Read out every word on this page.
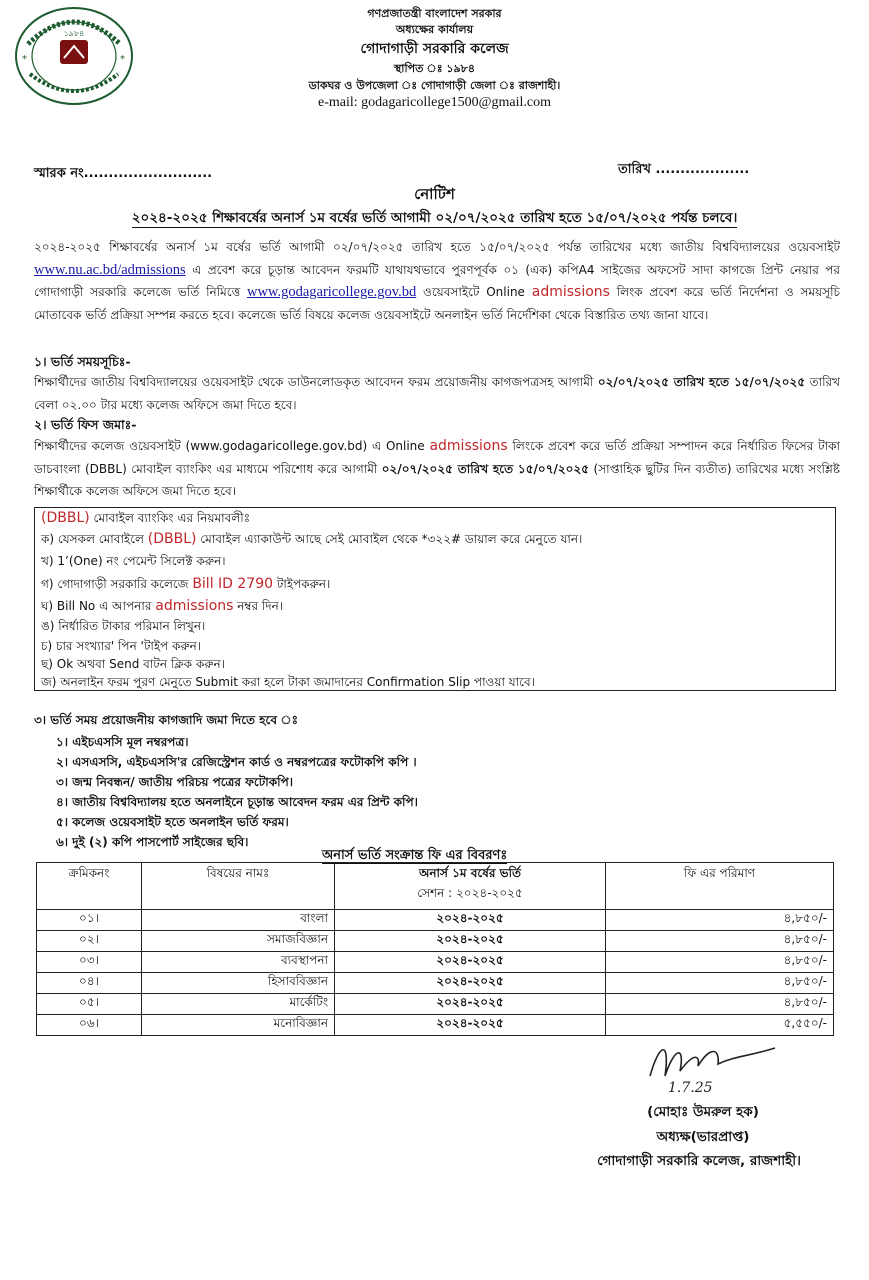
*	*
১৯৮৪
গণপ্রজাতন্ত্রী বাংলাদেশ সরকার
অধ্যক্ষের কার্যালয়
গোদাগাড়ী সরকারি কলেজ
স্থাপিত ঃ ১৯৮৪
ডাকঘর ও উপজেলা ঃ গোদাগাড়ী জেলা ঃ রাজশাহী।
e-mail: godagaricollege1500@gmail.com
স্মারক নং..........................	তারিখ ...................
নোটিশ
২০২৪-২০২৫ শিক্ষাবর্ষের অনার্স ১ম বর্ষের ভর্তি আগামী ০২/০৭/২০২৫ তারিখ হতে ১৫/০৭/২০২৫ পর্যন্ত চলবে।
২০২৪-২০২৫ শিক্ষাবর্ষের অনার্স ১ম বর্ষের ভর্তি আগামী ০২/০৭/২০২৫ তারিখ হতে ১৫/০৭/২০২৫ পর্যন্ত তারিখের মধ্যে জাতীয় বিশ্ববিদ্যালয়ের ওয়েবসাইট www.nu.ac.bd/admissions এ প্রবেশ করে চূড়ান্ত আবেদন ফরমটি যাথাযথভাবে পুরণপূর্বক ০১ (এক) কপিA4 সাইজের অফসেট সাদা কাগজে প্রিন্ট নেয়ার পর গোদাগাড়ী সরকারি কলেজে ভর্তি নিমিত্তে www.godagaricollege.gov.bd ওয়েবসাইটে Online admissions লিংক প্রবেশ করে ভর্তি নির্দেশনা ও সময়সূচি মোতাবেক ভর্তি প্রক্রিয়া সম্পন্ন করতে হবে। কলেজে ভর্তি বিষয়ে কলেজ ওয়েবসাইটে অনলাইন ভর্তি নির্দেশিকা থেকে বিস্তারিত তথ্য জানা যাবে।
১। ভর্তি সময়সূচিঃ-
শিক্ষার্থীদের জাতীয় বিশ্ববিদ্যালয়ের ওয়েবসাইট থেকে ডাউনলোডকৃত আবেদন ফরম প্রয়োজনীয় কাগজপত্রসহ আগামী ০২/০৭/২০২৫ তারিখ হতে ১৫/০৭/২০২৫ তারিখ বেলা ০২.০০ টার মধ্যে কলেজ অফিসে জমা দিতে হবে।
২। ভর্তি ফিস জমাঃ-
শিক্ষার্থীদের কলেজ ওয়েবসাইট (www.godagaricollege.gov.bd) এ Online admissions লিংকে প্রবেশ করে ভর্তি প্রক্রিয়া সম্পাদন করে নির্ধারিত ফিসের টাকা ডাচবাংলা (DBBL) মোবাইল ব্যাংকিং এর মাধ্যমে পরিশোধ করে আগামী ০২/০৭/২০২৫ তারিখ হতে ১৫/০৭/২০২৫ (সাপ্তাহিক ছুটির দিন ব্যতীত) তারিখের মধ্যে সংশ্লিষ্ট শিক্ষার্থীকে কলেজ অফিসে জমা দিতে হবে।
(DBBL) মোবাইল ব্যাংকিং এর নিয়মাবলীঃ
ক) যেসকল মোবাইলে (DBBL) মোবাইল এ্যাকাউন্ট আছে সেই মোবাইল থেকে *৩২২# ডায়াল করে মেনুতে যান।
খ) 1’(One) নং পেমেন্ট সিলেক্ট করুন।
গ) গোদাগাড়ী সরকারি কলেজে Bill ID 2790 টাইপকরুন।
ঘ) Bill No এ আপনার admissions নম্বর দিন।
ঙ) নির্ধারিত টাকার পরিমান লিখুন।
চ) চার সংখ্যার' পিন 'টাইপ করুন।
ছ) Ok অথবা Send বাটন ক্লিক করুন।
জ) অনলাইন ফরম পুরণ মেনুতে Submit করা হলে টাকা জমাদানের Confirmation Slip পাওয়া যাবে।
৩। ভর্তি সময় প্রয়োজনীয় কাগজাদি জমা দিতে হবে ঃ
১। এইচএসসি মূল নম্বরপত্র।
২। এসএসসি, এইচএসসি'র রেজিস্ট্রেশন কার্ড ও নম্বরপত্রের ফটোকপি কপি ।
৩। জন্ম নিবন্ধন/ জাতীয় পরিচয় পত্রের ফটোকপি।
৪। জাতীয় বিশ্ববিদ্যালয় হতে অনলাইনে চূড়ান্ত আবেদন ফরম এর প্রিন্ট কপি।
৫। কলেজ ওয়েবসাইট হতে অনলাইন ভর্তি ফরম।
৬। দুই (২) কপি পাসপোর্ট সাইজের ছবি।
অনার্স ভর্তি সংক্রান্ত ফি এর বিবরণঃ
ক্রমিকনং	বিষয়ের নামঃ	অনার্স ১ম বর্ষের ভর্তি
সেশন : ২০২৪-২০২৫	ফি এর পরিমাণ
০১।	বাংলা	২০২৪-২০২৫	৪,৮৫০/-
০২।	সমাজবিজ্ঞান	২০২৪-২০২৫	৪,৮৫০/-
০৩।	ব্যবস্থাপনা	২০২৪-২০২৫	৪,৮৫০/-
০৪।	হিসাববিজ্ঞান	২০২৪-২০২৫	৪,৮৫০/-
০৫।	মার্কেটিং	২০২৪-২০২৫	৪,৮৫০/-
০৬।	মনোবিজ্ঞান	২০২৪-২০২৫	৫,৫৫০/-
1.7.25
(মোহাঃ উমরুল হক)
অধ্যক্ষ(ভারপ্রাপ্ত)
গোদাগাড়ী সরকারি কলেজ, রাজশাহী।
